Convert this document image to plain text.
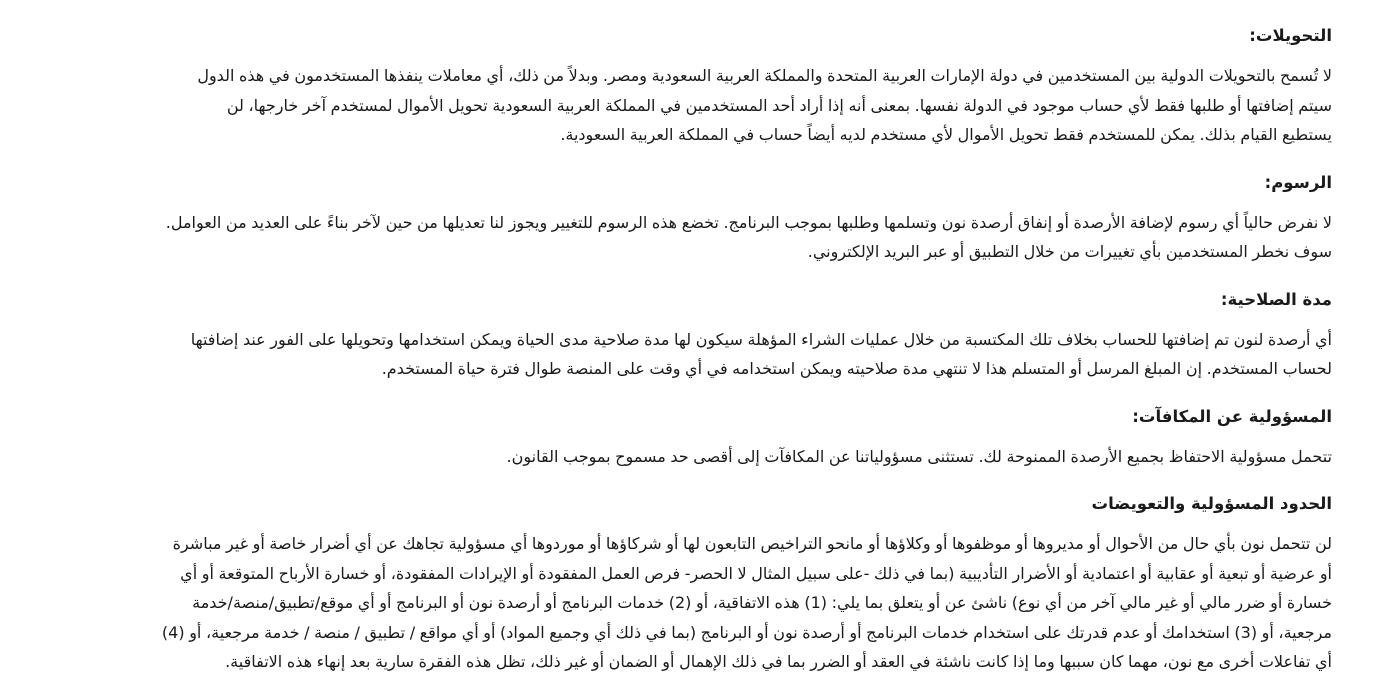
التحويلات:

لا تُسمح بالتحويلات الدولية بين المستخدمين في دولة الإمارات العربية المتحدة والمملكة العربية السعودية ومصر. وبدلاً من ذلك، أي معاملات ينفذها المستخدمون في هذه الدول
سيتم إضافتها أو طلبها فقط لأي حساب موجود في الدولة نفسها. بمعنى أنه إذا أراد أحد المستخدمين في المملكة العربية السعودية تحويل الأموال لمستخدم آخر خارجها، لن
يستطيع القيام بذلك. يمكن للمستخدم فقط تحويل الأموال لأي مستخدم لديه أيضاً حساب في المملكة العربية السعودية.

الرسوم:

لا نفرض حالياً أي رسوم لإضافة الأرصدة أو إنفاق أرصدة نون وتسلمها وطلبها بموجب البرنامج. تخضع هذه الرسوم للتغيير ويجوز لنا تعديلها من حين لآخر بناءً على العديد من العوامل.
سوف نخطر المستخدمين بأي تغييرات من خلال التطبيق أو عبر البريد الإلكتروني.

مدة الصلاحية:

أي أرصدة لنون تم إضافتها للحساب بخلاف تلك المكتسبة من خلال عمليات الشراء المؤهلة سيكون لها مدة صلاحية مدى الحياة ويمكن استخدامها وتحويلها على الفور عند إضافتها
لحساب المستخدم. إن المبلغ المرسل أو المتسلم هذا لا تنتهي مدة صلاحيته ويمكن استخدامه في أي وقت على المنصة طوال فترة حياة المستخدم.

المسؤولية عن المكافآت:

تتحمل مسؤولية الاحتفاظ بجميع الأرصدة الممنوحة لك. تستثنى مسؤولياتنا عن المكافآت إلى أقصى حد مسموح بموجب القانون.

الحدود المسؤولية والتعويضات

لن تتحمل نون بأي حال من الأحوال أو مديروها أو موظفوها أو وكلاؤها أو مانحو التراخيص التابعون لها أو شركاؤها أو موردوها أي مسؤولية تجاهك عن أي أضرار خاصة أو غير مباشرة
أو عرضية أو تبعية أو عقابية أو اعتمادية أو الأضرار التأديبية (بما في ذلك -على سبيل المثال لا الحصر- فرص العمل المفقودة أو الإيرادات المفقودة، أو خسارة الأرباح المتوقعة أو أي
خسارة أو ضرر مالي أو غير مالي آخر من أي نوع) ناشئ عن أو يتعلق بما يلي: (1) هذه الاتفاقية، أو (2) خدمات البرنامج أو أرصدة نون أو البرنامج أو أي موقع/تطبيق/منصة/خدمة
مرجعية، أو (3) استخدامك أو عدم قدرتك على استخدام خدمات البرنامج أو أرصدة نون أو البرنامج (بما في ذلك أي وجميع المواد) أو أي مواقع / تطبيق / منصة / خدمة مرجعية، أو (4)
أي تفاعلات أخرى مع نون، مهما كان سببها وما إذا كانت ناشئة في العقد أو الضرر بما في ذلك الإهمال أو الضمان أو غير ذلك، تظل هذه الفقرة سارية بعد إنهاء هذه الاتفاقية.
